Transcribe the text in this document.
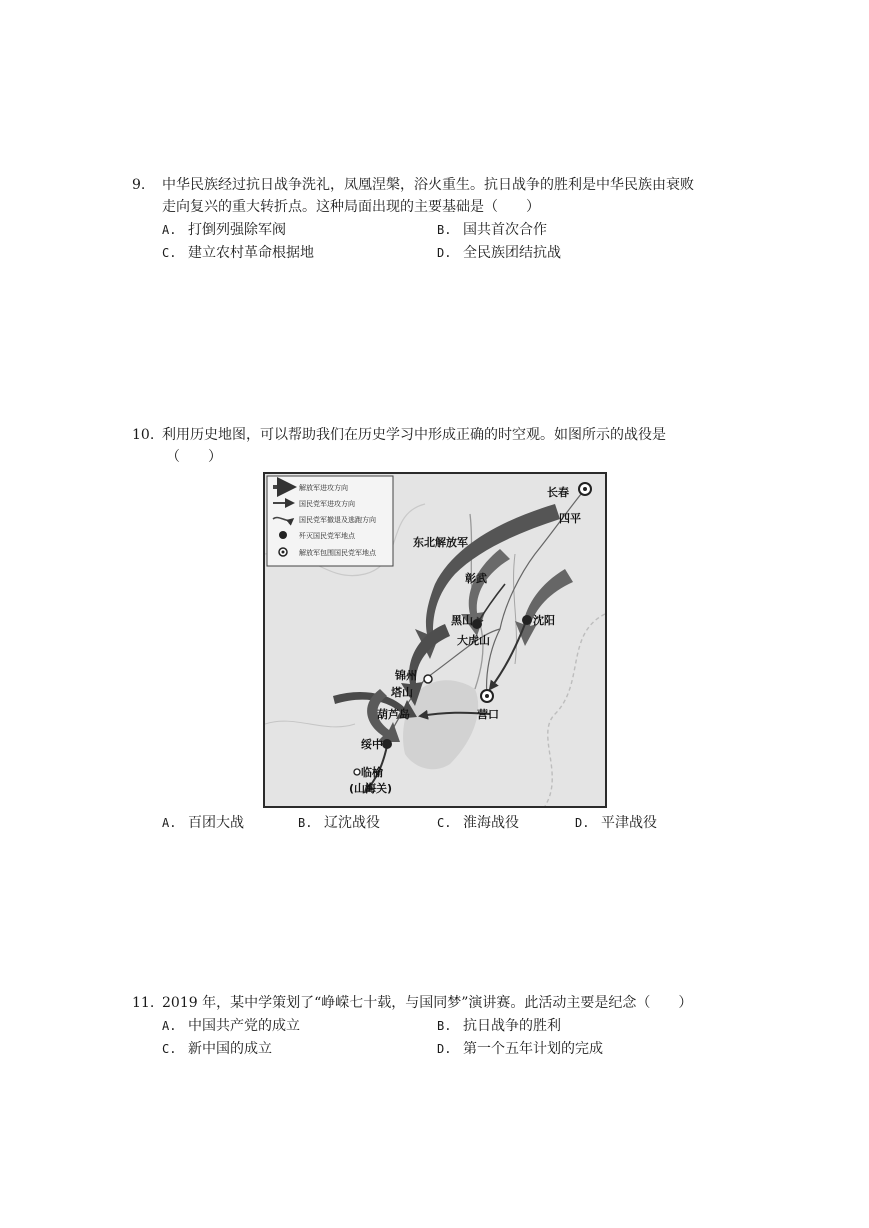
9. 中华民族经过抗日战争洗礼，凤凰涅槃，浴火重生。抗日战争的胜利是中华民族由衰败
走向复兴的重大转折点。这种局面出现的主要基础是（　　）
A. 打倒列强除军阀	B. 国共首次合作
C. 建立农村革命根据地	D. 全民族团结抗战
10. 利用历史地图，可以帮助我们在历史学习中形成正确的时空观。如图所示的战役是
（　　）
长春
四平
东北解放军
彰武
沈阳
黑山
大虎山
锦州
塔山
葫芦岛	营口
绥中
临榆
(山海关)
解放军进攻方向
国民党军进攻方向
国民党军撤退及逃跑方向
歼灭国民党军地点
解放军包围国民党军地点
A. 百团大战	B. 辽沈战役	C. 淮海战役	D. 平津战役
11. 2019 年，某中学策划了“峥嵘七十载，与国同梦”演讲赛。此活动主要是纪念（　　）
A. 中国共产党的成立	B. 抗日战争的胜利
C. 新中国的成立	D. 第一个五年计划的完成
